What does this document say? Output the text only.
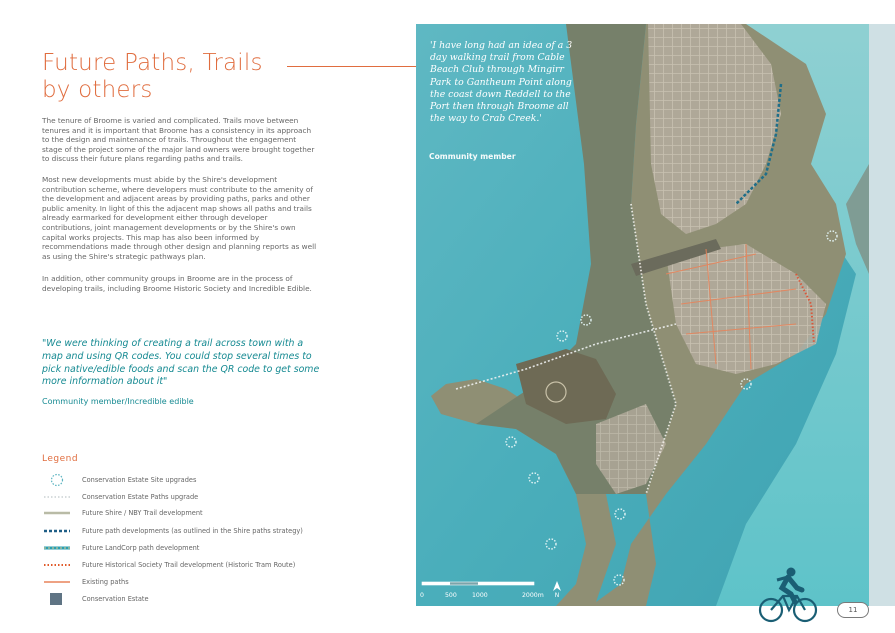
Future Paths, Trails by others

The tenure of Broome is varied and complicated. Trails move between tenures and it is important that Broome has a consistency in its approach to the design and maintenance of trails. Throughout the engagement stage of the project some of the major land owners were brought together to discuss their future plans regarding paths and trails.

Most new developments must abide by the Shire's development contribution scheme, where developers must contribute to the amenity of the development and adjacent areas by providing paths, parks and other public amenity. In light of this the adjacent map shows all paths and trails already earmarked for development either through developer contributions, joint management developments or by the Shire's own capital works projects. This map has also been informed by recommendations made through other design and planning reports as well as using the Shire's strategic pathways plan.

In addition, other community groups in Broome are in the process of developing trails, including Broome Historic Society and Incredible Edible.

"We were thinking of creating a trail across town with a map and using QR codes. You could stop several times to pick native/edible foods and scan the QR code to get some more information about it"
Community member/Incredible edible
Legend
Conservation Estate Site upgrades
Conservation Estate Paths upgrade
Future Shire / NBY Trail development
Future path developments (as outlined in the Shire paths strategy)
Future LandCorp path development
Future Historical Society Trail development (Historic Tram Route)
Existing paths
Conservation Estate
'I have long had an idea of a 3 day walking trail from Cable Beach Club through Mingirr Park to Gantheum Point along the coast down Reddell to the Port then through Broome all the way to Crab Creek.'
Community member
0	500 1000	2000m	N
11
